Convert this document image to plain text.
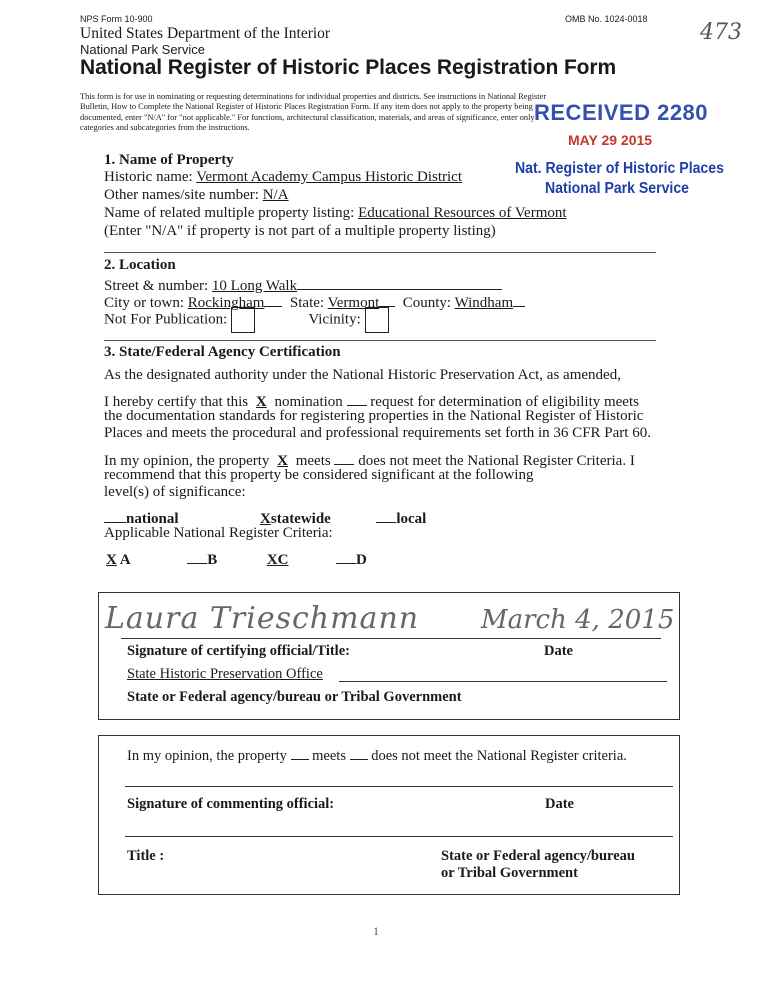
NPS Form 10-900	OMB No. 1024-0018
473
United States Department of the Interior
National Park Service
National Register of Historic Places Registration Form
This form is for use in nominating or requesting determinations for individual properties and districts. See instructions in National Register
Bulletin, How to Complete the National Register of Historic Places Registration Form. If any item does not apply to the property being
documented, enter "N/A" for "not applicable." For functions, architectural classification, materials, and areas of significance, enter only
categories and subcategories from the instructions.
RECEIVED 2280
MAY 29 2015
Nat. Register of Historic Places
National Park Service
1. Name of Property
Historic name: Vermont Academy Campus Historic District
Other names/site number: N/A
Name of related multiple property listing: Educational Resources of Vermont
(Enter "N/A" if property is not part of a multiple property listing)
2. Location
Street & number: 10 Long Walk
City or town: Rockingham State: Vermont County: Windham
Not For Publication:	Vicinity:
3. State/Federal Agency Certification
As the designated authority under the National Historic Preservation Act, as amended,
I hereby certify that this X nomination request for determination of eligibility meets
the documentation standards for registering properties in the National Register of Historic
Places and meets the procedural and professional requirements set forth in 36 CFR Part 60.
In my opinion, the property X meets does not meet the National Register Criteria. I
recommend that this property be considered significant at the following
level(s) of significance:
national	Xstatewide	local
Applicable National Register Criteria:
X A	B	XC	D
Laura Trieschmann March 4, 2015
Signature of certifying official/Title:	Date
State Historic Preservation Office
State or Federal agency/bureau or Tribal Government
In my opinion, the property meets does not meet the National Register criteria.
Signature of commenting official:	Date
Title :	State or Federal agency/bureau
or Tribal Government
1
